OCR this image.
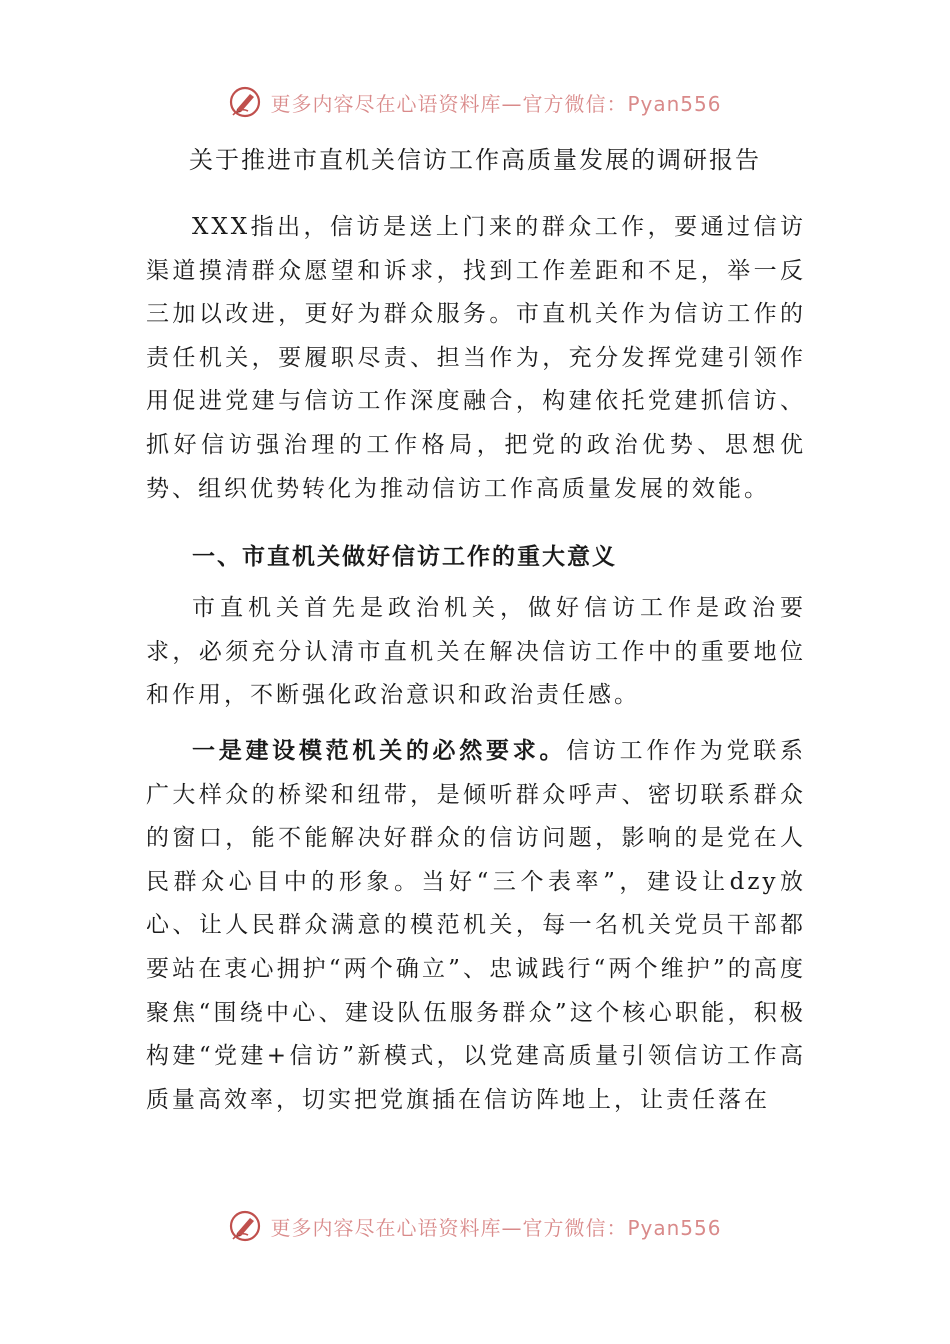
更多内容尽在心语资料库—官方微信：Pyan556
关于推进市直机关信访工作高质量发展的调研报告

XXX指出，信访是送上门来的群众工作，要通过信访渠道摸清群众愿望和诉求，找到工作差距和不足，举一反三加以改进，更好为群众服务。市直机关作为信访工作的责任机关，要履职尽责、担当作为，充分发挥党建引领作用促进党建与信访工作深度融合，构建依托党建抓信访、抓好信访强治理的工作格局，把党的政治优势、思想优势、组织优势转化为推动信访工作高质量发展的效能。

一、市直机关做好信访工作的重大意义

市直机关首先是政治机关，做好信访工作是政治要求，必须充分认清市直机关在解决信访工作中的重要地位和作用，不断强化政治意识和政治责任感。

一是建设模范机关的必然要求。信访工作作为党联系广大样众的桥梁和纽带，是倾听群众呼声、密切联系群众的窗口，能不能解决好群众的信访问题，影响的是党在人民群众心目中的形象。当好“三个表率”，建设让dzy放心、让人民群众满意的模范机关，每一名机关党员干部都要站在衷心拥护“两个确立”、忠诚践行“两个维护”的高度聚焦“围绕中心、建设队伍服务群众”这个核心职能，积极构建“党建+信访”新模式，以党建高质量引领信访工作高质量高效率，切实把党旗插在信访阵地上，让责任落在

更多内容尽在心语资料库—官方微信：Pyan556
